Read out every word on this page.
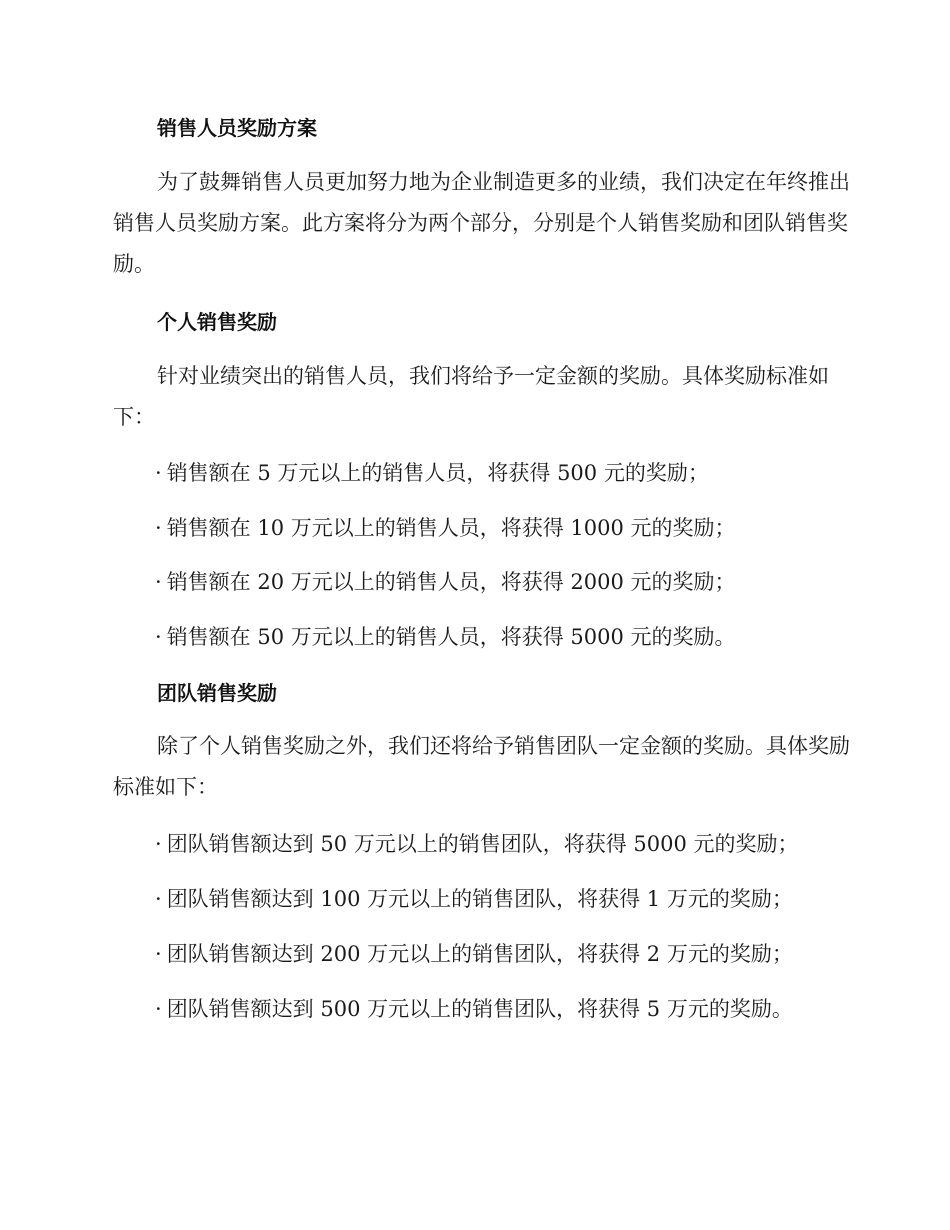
销售人员奖励方案

为了鼓舞销售人员更加努力地为企业制造更多的业绩，我们决定在年终推出销售人员奖励方案。此方案将分为两个部分，分别是个人销售奖励和团队销售奖励。

个人销售奖励

针对业绩突出的销售人员，我们将给予一定金额的奖励。具体奖励标准如下：

· 销售额在 5 万元以上的销售人员，将获得 500 元的奖励；
· 销售额在 10 万元以上的销售人员，将获得 1000 元的奖励；
· 销售额在 20 万元以上的销售人员，将获得 2000 元的奖励；
· 销售额在 50 万元以上的销售人员，将获得 5000 元的奖励。
团队销售奖励

除了个人销售奖励之外，我们还将给予销售团队一定金额的奖励。具体奖励标准如下：

· 团队销售额达到 50 万元以上的销售团队，将获得 5000 元的奖励；
· 团队销售额达到 100 万元以上的销售团队，将获得 1 万元的奖励；
· 团队销售额达到 200 万元以上的销售团队，将获得 2 万元的奖励；
· 团队销售额达到 500 万元以上的销售团队，将获得 5 万元的奖励。
